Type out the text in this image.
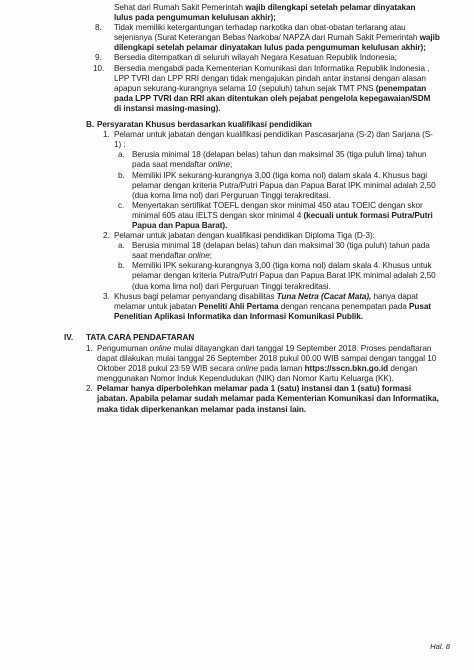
Sehat dari Rumah Sakit Pemerintah wajib dilengkapi setelah pelamar dinyatakan lulus pada pengumuman kelulusan akhir);
8. Tidak memiliki ketergantungan terhadap narkotika dan obat-obatan terlarang atau sejenisnya (Surat Keterangan Bebas Narkoba/ NAPZA dari Rumah Sakit Pemerintah wajib dilengkapi setelah pelamar dinyatakan lulus pada pengumuman kelulusan akhir);
9. Bersedia ditempatkan di seluruh wilayah Negara Kesatuan Republik Indonesia;
10. Bersedia mengabdi pada Kementerian Komunikasi dan Informatika Republik Indonesia , LPP TVRI dan LPP RRI dengan tidak mengajukan pindah antar instansi dengan alasan apapun sekurang-kurangnya selama 10 (sepuluh) tahun sejak TMT PNS (penempatan pada LPP TVRI dan RRI akan ditentukan oleh pejabat pengelola kepegawaian/SDM di instansi masing-masing).
B. Persyaratan Khusus berdasarkan kualifikasi pendidikan
1. Pelamar untuk jabatan dengan kualifikasi pendidikan Pascasarjana (S-2) dan Sarjana (S-1) :
a. Berusia minimal 18 (delapan belas) tahun dan maksimal 35 (tiga puluh lima) tahun pada saat mendaftar online;
b. Memiliki IPK sekurang-kurangnya 3,00 (tiga koma nol) dalam skala 4. Khusus bagi pelamar dengan kriteria Putra/Putri Papua dan Papua Barat IPK minimal adalah 2,50 (dua koma lima nol) dari Perguruan Tinggi terakreditasi.
c. Menyertakan sertifikat TOEFL dengan skor minimal 450 atau TOEIC dengan skor minimal 605 atau IELTS dengan skor minimal 4 (kecuali untuk formasi Putra/Putri Papua dan Papua Barat).
2. Pelamar untuk jabatan dengan kualifikasi pendidikan Diploma Tiga (D-3):
a. Berusia minimal 18 (delapan belas) tahun dan maksimal 30 (tiga puluh) tahun pada saat mendaftar online;
b. Memiliki IPK sekurang-kurangnya 3,00 (tiga koma nol) dalam skala 4. Khusus untuk pelamar dengan kriteria Putra/Putri Papua dan Papua Barat IPK minimal adalah 2,50 (dua koma lima nol) dari Perguruan Tinggi terakreditasi.
3. Khusus bagi pelamar penyandang disabilitas Tuna Netra (Cacat Mata), hanya dapat melamar untuk jabatan Peneliti Ahli Pertama dengan rencana penempatan pada Pusat Penelitian Aplikasi Informatika dan Informasi Komunikasi Publik.
IV. TATA CARA PENDAFTARAN
1. Pengumuman online mulai ditayangkan dari tanggal 19 September 2018. Proses pendaftaran dapat dilakukan mulai tanggal 26 September 2018 pukul 00.00 WIB sampai dengan tanggal 10 Oktober 2018 pukul 23:59 WIB secara online pada laman https://sscn.bkn.go.id dengan menggunakan Nomor Induk Kependudukan (NIK) dan Nomor Kartu Keluarga (KK).
2. Pelamar hanya diperbolehkan melamar pada 1 (satu) instansi dan 1 (satu) formasi jabatan. Apabila pelamar sudah melamar pada Kementerian Komunikasi dan Informatika, maka tidak diperkenankan melamar pada instansi lain.
Hal. 8
